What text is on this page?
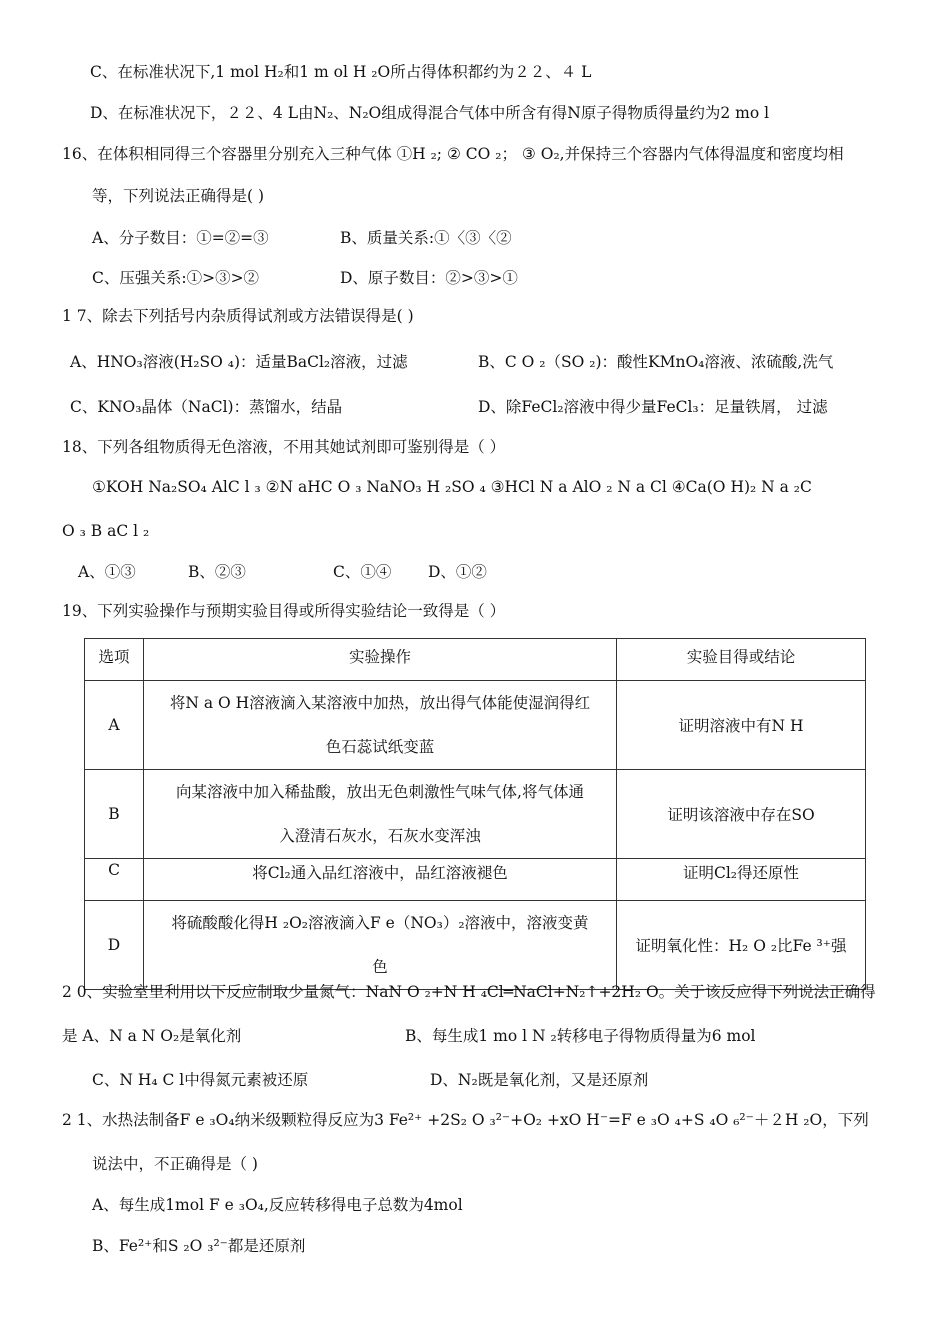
C、在标准状况下,1 mol H₂和1 m ol H ₂O所占得体积都约为２２、４ L
D、在标准状况下，２２、4 L由N₂、N₂O组成得混合气体中所含有得N原子得物质得量约为2 mo l
16、在体积相同得三个容器里分别充入三种气体 ①H ₂; ② CO ₂； ③ O₂,并保持三个容器内气体得温度和密度均相
等，下列说法正确得是( )
A、分子数目：①=②=③	B、质量关系:①〈③〈②
C、压强关系:①>③>②	D、原子数目：②>③>①
1 7、除去下列括号内杂质得试剂或方法错误得是( )
A、HNO₃溶液(H₂SO ₄)：适量BaCl₂溶液，过滤	B、C O ₂（SO ₂)：酸性KMnO₄溶液、浓硫酸,洗气
C、KNO₃晶体（NaCl)：蒸馏水，结晶	D、除FeCl₂溶液中得少量FeCl₃：足量铁屑， 过滤
18、下列各组物质得无色溶液，不用其她试剂即可鉴别得是（ ）
①KOH Na₂SO₄ AlC l ₃ ②N aHC O ₃ NaNO₃ H ₂SO ₄ ③HCl N a AlO ₂ N a Cl ④Ca(O H)₂ N a ₂C
O ₃ B aC l ₂
A、①③	B、②③	C、①④ D、①②
19、下列实验操作与预期实验目得或所得实验结论一致得是（ ）
选项	实验操作	实验目得或结论
A	将N a O H溶液滴入某溶液中加热，放出得气体能使湿润得红
色石蕊试纸变蓝	证明溶液中有N H
B	向某溶液中加入稀盐酸，放出无色刺激性气味气体,将气体通
入澄清石灰水，石灰水变浑浊	证明该溶液中存在SO
C	将Cl₂通入品红溶液中，品红溶液褪色	证明Cl₂得还原性
D	将硫酸酸化得H ₂O₂溶液滴入F e（NO₃）₂溶液中，溶液变黄
色	证明氧化性：H₂ O ₂比Fe ³⁺强
2 0、实验室里利用以下反应制取少量氮气：NaN O ₂+N H ₄Cl═NaCl+N₂↑+2H₂ O。关于该反应得下列说法正确得
是 A、N a N O₂是氧化剂	B、每生成1 mo l N ₂转移电子得物质得量为6 mol
C、N H₄ C l中得氮元素被还原	D、N₂既是氧化剂，又是还原剂
2 1、水热法制备F e ₃O₄纳米级颗粒得反应为3 Fe²⁺ +2S₂ O ₃²⁻+O₂ +xO H⁻=F e ₃O ₄+S ₄O ₆²⁻＋２H ₂O，下列
说法中，不正确得是（ )
A、每生成1mol F e ₃O₄,反应转移得电子总数为4mol
B、Fe²⁺和S ₂O ₃²⁻都是还原剂
